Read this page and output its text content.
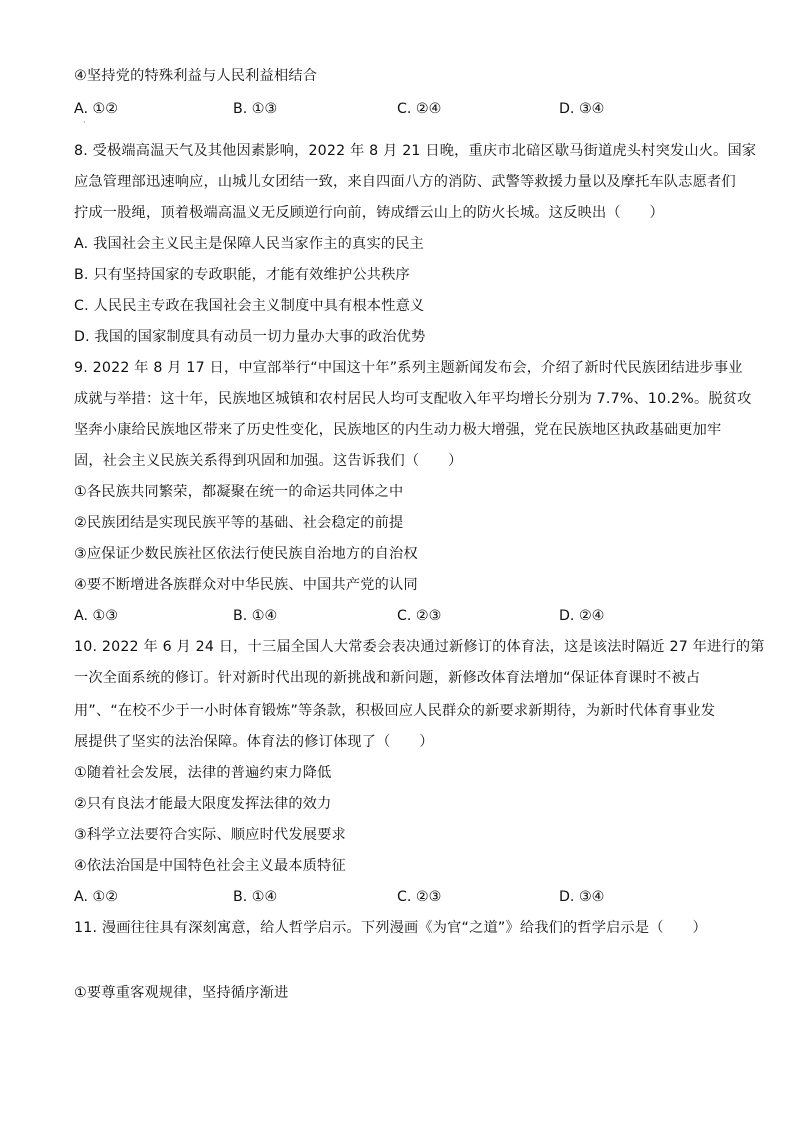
④坚持党的特殊利益与人民利益相结合
A. ①②	B. ①③	C. ②④	D. ③④
·
8. 受极端高温天气及其他因素影响，2022 年 8 月 21 日晚，重庆市北碚区歇马街道虎头村突发山火。国家
应急管理部迅速响应，山城儿女团结一致，来自四面八方的消防、武警等救援力量以及摩托车队志愿者们
拧成一股绳，顶着极端高温义无反顾逆行向前，铸成缙云山上的防火长城。这反映出（　　）
A. 我国社会主义民主是保障人民当家作主的真实的民主
B. 只有坚持国家的专政职能，才能有效维护公共秩序
C. 人民民主专政在我国社会主义制度中具有根本性意义
D. 我国的国家制度具有动员一切力量办大事的政治优势
9. 2022 年 8 月 17 日，中宣部举行“中国这十年”系列主题新闻发布会，介绍了新时代民族团结进步事业
成就与举措：这十年，民族地区城镇和农村居民人均可支配收入年平均增长分别为 7.7%、10.2%。脱贫攻
坚奔小康给民族地区带来了历史性变化，民族地区的内生动力极大增强，党在民族地区执政基础更加牢
固，社会主义民族关系得到巩固和加强。这告诉我们（　　）
①各民族共同繁荣，都凝聚在统一的命运共同体之中
②民族团结是实现民族平等的基础、社会稳定的前提
③应保证少数民族社区依法行使民族自治地方的自治权
④要不断增进各族群众对中华民族、中国共产党的认同
A. ①③	B. ①④	C. ②③	D. ②④
10. 2022 年 6 月 24 日，十三届全国人大常委会表决通过新修订的体育法，这是该法时隔近 27 年进行的第
一次全面系统的修订。针对新时代出现的新挑战和新问题，新修改体育法增加“保证体育课时不被占
用”、“在校不少于一小时体育锻炼”等条款，积极回应人民群众的新要求新期待，为新时代体育事业发
展提供了坚实的法治保障。体育法的修订体现了（　　）
①随着社会发展，法律的普遍约束力降低
②只有良法才能最大限度发挥法律的效力
③科学立法要符合实际、顺应时代发展要求
④依法治国是中国特色社会主义最本质特征
A. ①②	B. ①④	C. ②③	D. ③④
11. 漫画往往具有深刻寓意，给人哲学启示。下列漫画《为官“之道”》给我们的哲学启示是（　　）
①要尊重客观规律，坚持循序渐进
